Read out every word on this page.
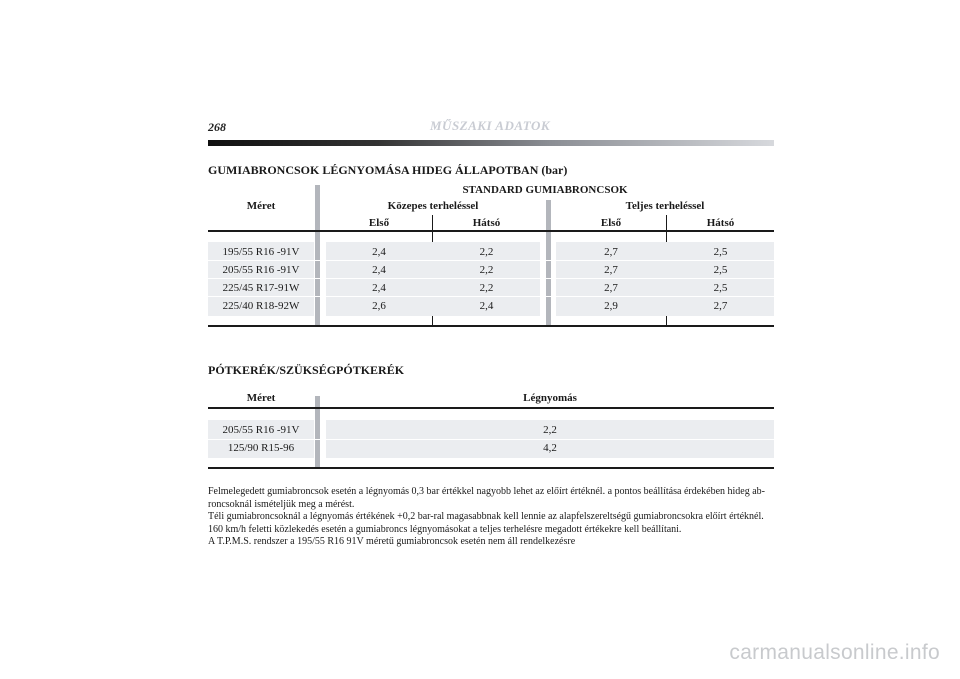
268	MŰSZAKI ADATOK
GUMIABRONCSOK LÉGNYOMÁSA HIDEG ÁLLAPOTBAN (bar)
STANDARD GUMIABRONCSOK
Méret	Közepes terheléssel	Teljes terheléssel
Első	Hátsó	Első	Hátsó
195/55 R16 -91V	2,4	2,2	2,7	2,5
205/55 R16 -91V	2,4	2,2	2,7	2,5
225/45 R17-91W	2,4	2,2	2,7	2,5
225/40 R18-92W	2,6	2,4	2,9	2,7
PÓTKERÉK/SZÜKSÉGPÓTKERÉK
Méret	Légnyomás
205/55 R16 -91V	2,2
125/90 R15-96	4,2

Felmelegedett gumiabroncsok esetén a légnyomás 0,3 bar értékkel nagyobb lehet az előírt értéknél. a pontos beállítása érdekében hideg ab- roncsoknál ismételjük meg a mérést.

Téli gumiabroncsoknál a légnyomás értékének +0,2 bar-ral magasabbnak kell lennie az alapfelszereltségű gumiabroncsokra előírt értéknél.

160 km/h feletti közlekedés esetén a gumiabroncs légnyomásokat a teljes terhelésre megadott értékekre kell beállítani.

A T.P.M.S. rendszer a 195/55 R16 91V méretű gumiabroncsok esetén nem áll rendelkezésre

carmanualsonline.info
